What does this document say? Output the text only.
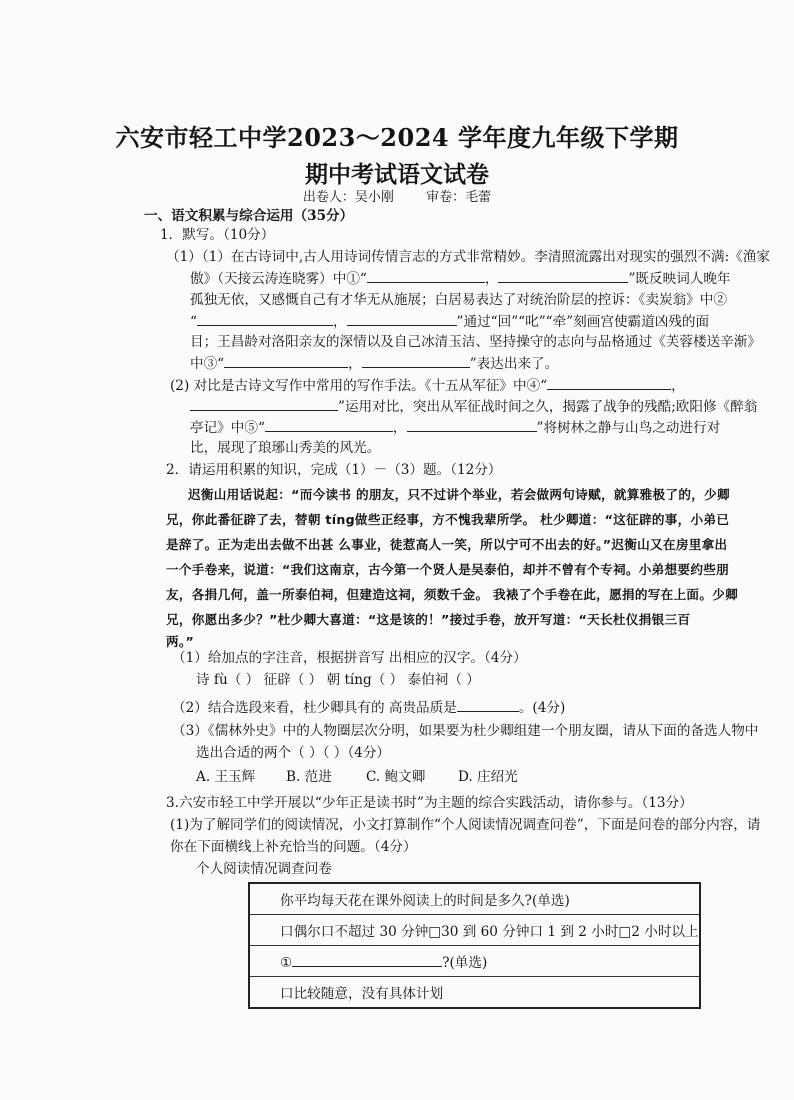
六安市轻工中学2023～2024 学年度九年级下学期
期中考试语文试卷
出卷人：吴小刚 审卷：毛蕾
一、语文积累与综合运用（35分）
1．默写。（10分）
（1）（1）在古诗词中,古人用诗词传情言志的方式非常精妙。李清照流露出对现实的强烈不满:《渔家
傲》（天接云涛连晓雾）中①“	，	”既反映词人晚年
孤独无依，又感慨自己有才华无从施展；白居易表达了对统治阶层的控诉：《卖炭翁》中②
“	，	”通过“回”“叱”“牵”刻画宫使霸道凶残的面
目；王昌龄对洛阳亲友的深情以及自己冰清玉洁、坚持操守的志向与品格通过《芙蓉楼送辛渐》
中③“	，	”表达出来了。
(2) 对比是古诗文写作中常用的写作手法。《十五从军征》中④“	，
”运用对比，突出从军征战时间之久，揭露了战争的残酷;欧阳修《醉翁
亭记》中⑤“	，	”将树林之静与山鸟之动进行对
比，展现了琅琊山秀美的风光。
2．请运用积累的知识，完成（1）－（3）题。（12分）
迟衡山用话说起：“而今读书 的朋友，只不过讲个举业，若会做两句诗赋，就算雅极了的，少卿
兄，你此番征辟了去，替朝 tíng做些正经事，方不愧我辈所学。 杜少卿道：“这征辟的事，小弟已
是辞了。正为走出去做不出甚 么事业，徒惹高人一笑，所以宁可不出去的好。”迟衡山又在房里拿出
一个手卷来，说道：“我们这南京，古今第一个贤人是吴泰伯，却并不曾有个专祠。小弟想要约些朋
友，各捐几何，盖一所泰伯祠，但建造这祠，须数千金。 我裱了个手卷在此，愿捐的写在上面。少卿
兄，你愿出多少？”杜少卿大喜道：“这是该的！”接过手卷，放开写道：“天长杜仪捐银三百
两。”
（1）给加点的字注音，根据拼音写 出相应的汉字。（4分）
诗 fù（ ） 征辟（ ） 朝 tíng（ ） 泰伯祠（ ）
（2）结合选段来看，杜少卿具有的 高贵品质是	。(4分)
（3）《儒林外史》中的人物圈层次分明，如果要为杜少卿组建一个朋友圈，请从下面的备选人物中
选出合适的两个（ ）（ ）（4分）
A. 王玉辉 B. 范进	C. 鲍文卿 D. 庄绍光
3.六安市轻工中学开展以“少年正是读书时”为主题的综合实践活动，请你参与。（13分）
(1)为了解同学们的阅读情况，小文打算制作“个人阅读情况调查问卷”，下面是问卷的部分内容，请
你在下面横线上补充恰当的问题。（4分）
个人阅读情况调查问卷
你平均每天花在课外阅读上的时间是多久?(单选)
口偶尔口不超过 30 分钟□30 到 60 分钟口 1 到 2 小时□2 小时以上
①	?(单选)
口比较随意，没有具体计划
